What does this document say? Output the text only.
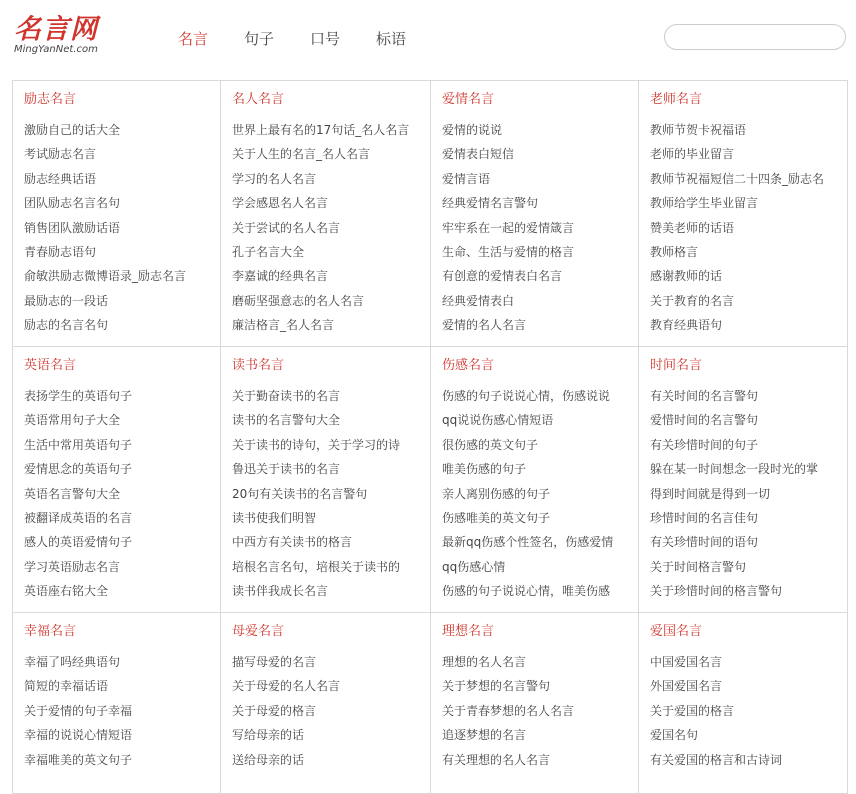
名言网
MingYanNet.com
名言 句子 口号 标语
励志名言
激励自己的话大全
考试励志名言
励志经典话语
团队励志名言名句
销售团队激励话语
青春励志语句
俞敏洪励志微博语录_励志名言
最励志的一段话
励志的名言名句
名人名言
世界上最有名的17句话_名人名言
关于人生的名言_名人名言
学习的名人名言
学会感恩名人名言
关于尝试的名人名言
孔子名言大全
李嘉诚的经典名言
磨砺坚强意志的名人名言
廉洁格言_名人名言
爱情名言
爱情的说说
爱情表白短信
爱情言语
经典爱情名言警句
牢牢系在一起的爱情箴言
生命、生活与爱情的格言
有创意的爱情表白名言
经典爱情表白
爱情的名人名言
老师名言
教师节贺卡祝福语
老师的毕业留言
教师节祝福短信二十四条_励志名
教师给学生毕业留言
赞美老师的话语
教师格言
感谢教师的话
关于教育的名言
教育经典语句
英语名言
表扬学生的英语句子
英语常用句子大全
生活中常用英语句子
爱情思念的英语句子
英语名言警句大全
被翻译成英语的名言
感人的英语爱情句子
学习英语励志名言
英语座右铭大全
读书名言
关于勤奋读书的名言
读书的名言警句大全
关于读书的诗句，关于学习的诗
鲁迅关于读书的名言
20句有关读书的名言警句
读书使我们明智
中西方有关读书的格言
培根名言名句，培根关于读书的
读书伴我成长名言
伤感名言
伤感的句子说说心情，伤感说说
qq说说伤感心情短语
很伤感的英文句子
唯美伤感的句子
亲人离别伤感的句子
伤感唯美的英文句子
最新qq伤感个性签名，伤感爱情
qq伤感心情
伤感的句子说说心情，唯美伤感
时间名言
有关时间的名言警句
爱惜时间的名言警句
有关珍惜时间的句子
躲在某一时间想念一段时光的掌
得到时间就是得到一切
珍惜时间的名言佳句
有关珍惜时间的语句
关于时间格言警句
关于珍惜时间的格言警句
幸福名言
幸福了吗经典语句
简短的幸福话语
关于爱情的句子幸福
幸福的说说心情短语
幸福唯美的英文句子
母爱名言
描写母爱的名言
关于母爱的名人名言
关于母爱的格言
写给母亲的话
送给母亲的话
理想名言
理想的名人名言
关于梦想的名言警句
关于青春梦想的名人名言
追逐梦想的名言
有关理想的名人名言
爱国名言
中国爱国名言
外国爱国名言
关于爱国的格言
爱国名句
有关爱国的格言和古诗词
